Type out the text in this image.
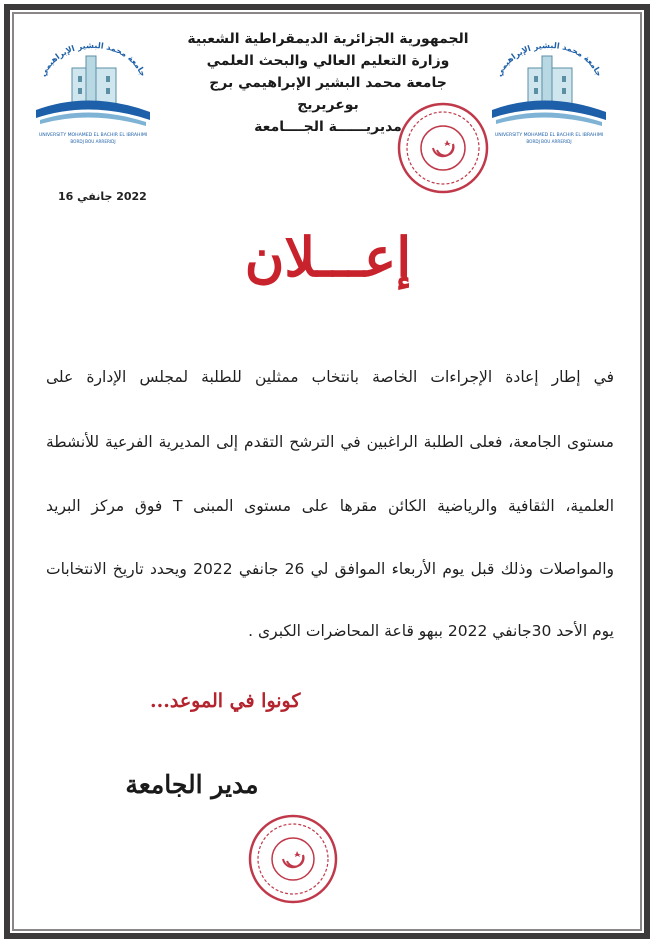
جامعة محمد البشير الإبراهيمي
UNIVERSITY MOHAMED EL BACHIR EL IBRAHIMI
BORDJ BOU ARRERIDJ
جامعة محمد البشير الإبراهيمي
UNIVERSITY MOHAMED EL BACHIR EL IBRAHIMI
BORDJ BOU ARRERIDJ
الجمهورية الجزائرية الديمقراطية الشعبية
وزارة التعليم العالي والبحث العلمي
جامعة محمد البشير الإبراهيمي برج بوعريريج
مديريــــــة الجــــامعة
2022 جانفي 16
إعـــلان
في إطار إعادة الإجراءات الخاصة بانتخاب ممثلين للطلبة لمجلس الإدارة على
مستوى الجامعة، فعلى الطلبة الراغبين في الترشح التقدم إلى المديرية الفرعية للأنشطة
العلمية، الثقافية والرياضية الكائن مقرها على مستوى المبنى T فوق مركز البريد
والمواصلات وذلك قبل يوم الأربعاء الموافق لي 26 جانفي 2022 ويحدد تاريخ الانتخابات
يوم الأحد 30جانفي 2022 ببهو قاعة المحاضرات الكبرى .
كونوا في الموعد...
مدير الجامعة
